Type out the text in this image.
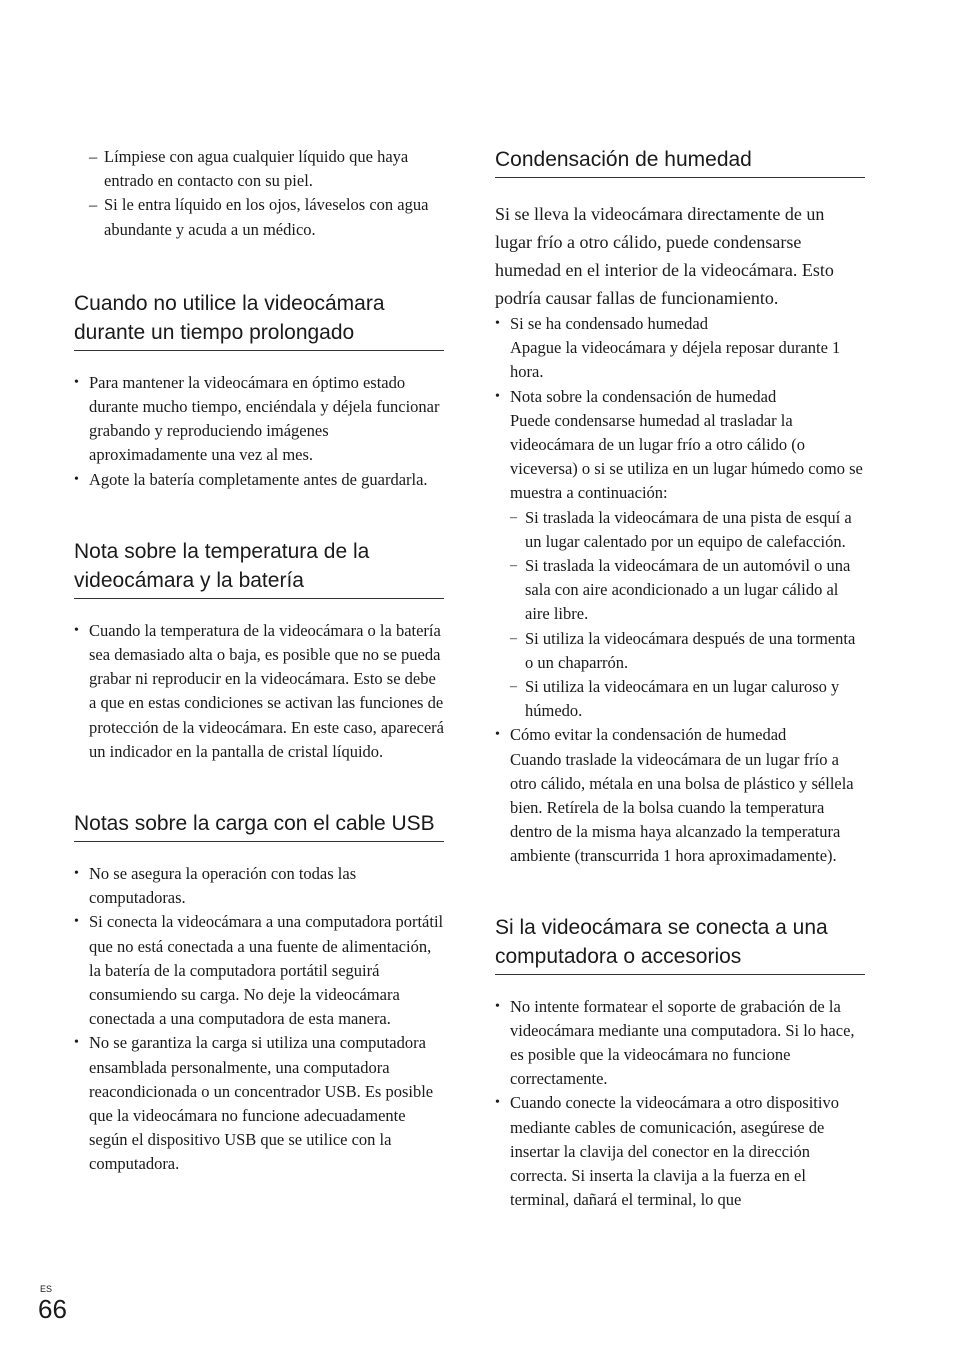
– Límpiese con agua cualquier líquido que haya entrado en contacto con su piel.
– Si le entra líquido en los ojos, láveselos con agua abundante y acuda a un médico.
Cuando no utilice la videocámara durante un tiempo prolongado
• Para mantener la videocámara en óptimo estado durante mucho tiempo, enciéndala y déjela funcionar grabando y reproduciendo imágenes aproximadamente una vez al mes.
• Agote la batería completamente antes de guardarla.
Nota sobre la temperatura de la videocámara y la batería
• Cuando la temperatura de la videocámara o la batería sea demasiado alta o baja, es posible que no se pueda grabar ni reproducir en la videocámara. Esto se debe a que en estas condiciones se activan las funciones de protección de la videocámara. En este caso, aparecerá un indicador en la pantalla de cristal líquido.
Notas sobre la carga con el cable USB
• No se asegura la operación con todas las computadoras.
• Si conecta la videocámara a una computadora portátil que no está conectada a una fuente de alimentación, la batería de la computadora portátil seguirá consumiendo su carga. No deje la videocámara conectada a una computadora de esta manera.
• No se garantiza la carga si utiliza una computadora ensamblada personalmente, una computadora reacondicionada o un concentrador USB. Es posible que la videocámara no funcione adecuadamente según el dispositivo USB que se utilice con la computadora.
Condensación de humedad

Si se lleva la videocámara directamente de un lugar frío a otro cálido, puede condensarse humedad en el interior de la videocámara. Esto podría causar fallas de funcionamiento.

• Si se ha condensado humedad
Apague la videocámara y déjela reposar durante 1 hora.
• Nota sobre la condensación de humedad
Puede condensarse humedad al trasladar la videocámara de un lugar frío a otro cálido (o viceversa) o si se utiliza en un lugar húmedo como se muestra a continuación:
– Si traslada la videocámara de una pista de esquí a un lugar calentado por un equipo de calefacción.
– Si traslada la videocámara de un automóvil o una sala con aire acondicionado a un lugar cálido al aire libre.
– Si utiliza la videocámara después de una tormenta o un chaparrón.
– Si utiliza la videocámara en un lugar caluroso y húmedo.
• Cómo evitar la condensación de humedad
Cuando traslade la videocámara de un lugar frío a otro cálido, métala en una bolsa de plástico y séllela bien. Retírela de la bolsa cuando la temperatura dentro de la misma haya alcanzado la temperatura ambiente (transcurrida 1 hora aproximadamente).
Si la videocámara se conecta a una computadora o accesorios
• No intente formatear el soporte de grabación de la videocámara mediante una computadora. Si lo hace, es posible que la videocámara no funcione correctamente.
• Cuando conecte la videocámara a otro dispositivo mediante cables de comunicación, asegúrese de insertar la clavija del conector en la dirección correcta. Si inserta la clavija a la fuerza en el terminal, dañará el terminal, lo que
ES
66
